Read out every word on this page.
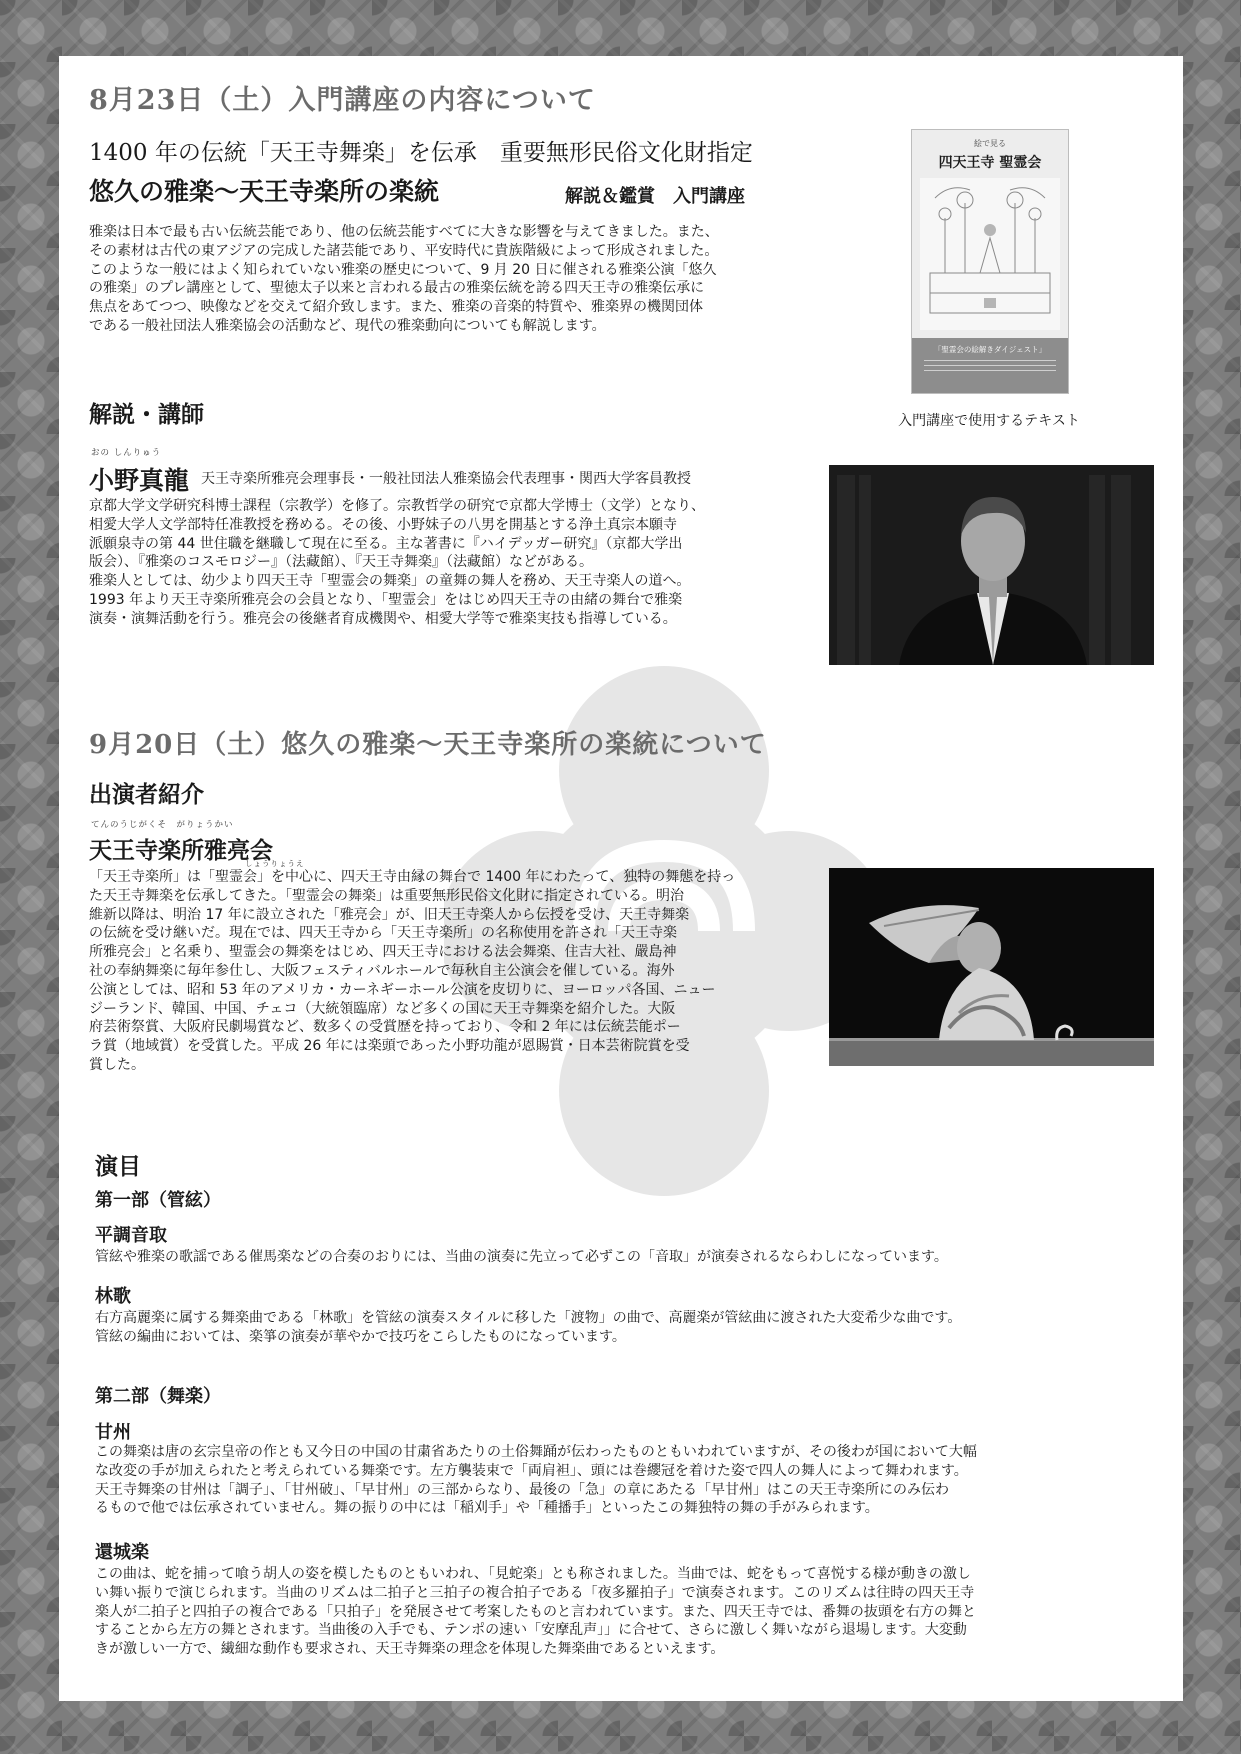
8月23日（土）入門講座の内容について
1400 年の伝統「天王寺舞楽」を伝承　重要無形民俗文化財指定
悠久の雅楽～天王寺楽所の楽統	解説＆鑑賞　入門講座
雅楽は日本で最も古い伝統芸能であり、他の伝統芸能すべてに大きな影響を与えてきました。また、
その素材は古代の東アジアの完成した諸芸能であり、平安時代に貴族階級によって形成されました。
このような一般にはよく知られていない雅楽の歴史について、9 月 20 日に催される雅楽公演「悠久
の雅楽」のプレ講座として、聖徳太子以来と言われる最古の雅楽伝統を誇る四天王寺の雅楽伝承に
焦点をあてつつ、映像などを交えて紹介致します。また、雅楽の音楽的特質や、雅楽界の機関団体
である一般社団法人雅楽協会の活動など、現代の雅楽動向についても解説します。
絵で見る
四天王寺 聖霊会
「聖霊会の絵解きダイジェスト」
入門講座で使用するテキスト
解説・講師
おの しんりゅう
小野真龍 天王寺楽所雅亮会理事長・一般社団法人雅楽協会代表理事・関西大学客員教授
京都大学文学研究科博士課程（宗教学）を修了。宗教哲学の研究で京都大学博士（文学）となり、
相愛大学人文学部特任准教授を務める。その後、小野妹子の八男を開基とする浄土真宗本願寺
派願泉寺の第 44 世住職を継職して現在に至る。主な著書に『ハイデッガー研究』（京都大学出
版会）、『雅楽のコスモロジー』（法藏館）、『天王寺舞楽』（法藏館）などがある。
雅楽人としては、幼少より四天王寺「聖霊会の舞楽」の童舞の舞人を務め、天王寺楽人の道へ。
1993 年より天王寺楽所雅亮会の会員となり、「聖霊会」をはじめ四天王寺の由緒の舞台で雅楽
演奏・演舞活動を行う。雅亮会の後継者育成機関や、相愛大学等で雅楽実技も指導している。
9月20日（土）悠久の雅楽～天王寺楽所の楽統について
出演者紹介
てんのうじがくそ　がりょうかい
天王寺楽所雅亮会
しょうりょうえ
「天王寺楽所」は「聖霊会」を中心に、四天王寺由縁の舞台で 1400 年にわたって、独特の舞態を持っ
た天王寺舞楽を伝承してきた。「聖霊会の舞楽」は重要無形民俗文化財に指定されている。明治
維新以降は、明治 17 年に設立された「雅亮会」が、旧天王寺楽人から伝授を受け、天王寺舞楽
の伝統を受け継いだ。現在では、四天王寺から「天王寺楽所」の名称使用を許され「天王寺楽
所雅亮会」と名乗り、聖霊会の舞楽をはじめ、四天王寺における法会舞楽、住吉大社、嚴島神
社の奉納舞楽に毎年参仕し、大阪フェスティバルホールで毎秋自主公演会を催している。海外
公演としては、昭和 53 年のアメリカ・カーネギーホール公演を皮切りに、ヨーロッパ各国、ニュー
ジーランド、韓国、中国、チェコ（大統領臨席）など多くの国に天王寺舞楽を紹介した。大阪
府芸術祭賞、大阪府民劇場賞など、数多くの受賞歴を持っており、令和 2 年には伝統芸能ポー
ラ賞（地域賞）を受賞した。平成 26 年には楽頭であった小野功龍が恩賜賞・日本芸術院賞を受
賞した。
演目
第一部（管絃）
平調音取
管絃や雅楽の歌謡である催馬楽などの合奏のおりには、当曲の演奏に先立って必ずこの「音取」が演奏されるならわしになっています。
林歌
右方高麗楽に属する舞楽曲である「林歌」を管絃の演奏スタイルに移した「渡物」の曲で、高麗楽が管絃曲に渡された大変希少な曲です。
管絃の編曲においては、楽箏の演奏が華やかで技巧をこらしたものになっています。
第二部（舞楽）
甘州
この舞楽は唐の玄宗皇帝の作とも又今日の中国の甘粛省あたりの土俗舞踊が伝わったものともいわれていますが、その後わが国において大幅
な改変の手が加えられたと考えられている舞楽です。左方襲装束で「両肩袒」、頭には巻纓冠を着けた姿で四人の舞人によって舞われます。
天王寺舞楽の甘州は「調子」、「甘州破」、「早甘州」の三部からなり、最後の「急」の章にあたる「早甘州」はこの天王寺楽所にのみ伝わ
るもので他では伝承されていません。舞の振りの中には「稲刈手」や「種播手」といったこの舞独特の舞の手がみられます。
還城楽
この曲は、蛇を捕って喰う胡人の姿を模したものともいわれ、「見蛇楽」とも称されました。当曲では、蛇をもって喜悦する様が動きの激し
い舞い振りで演じられます。当曲のリズムは二拍子と三拍子の複合拍子である「夜多羅拍子」で演奏されます。このリズムは往時の四天王寺
楽人が二拍子と四拍子の複合である「只拍子」を発展させて考案したものと言われています。また、四天王寺では、番舞の抜頭を右方の舞と
することから左方の舞とされます。当曲後の入手でも、テンポの速い「安摩乱声」」に合せて、さらに激しく舞いながら退場します。大変動
きが激しい一方で、繊細な動作も要求され、天王寺舞楽の理念を体現した舞楽曲であるといえます。
